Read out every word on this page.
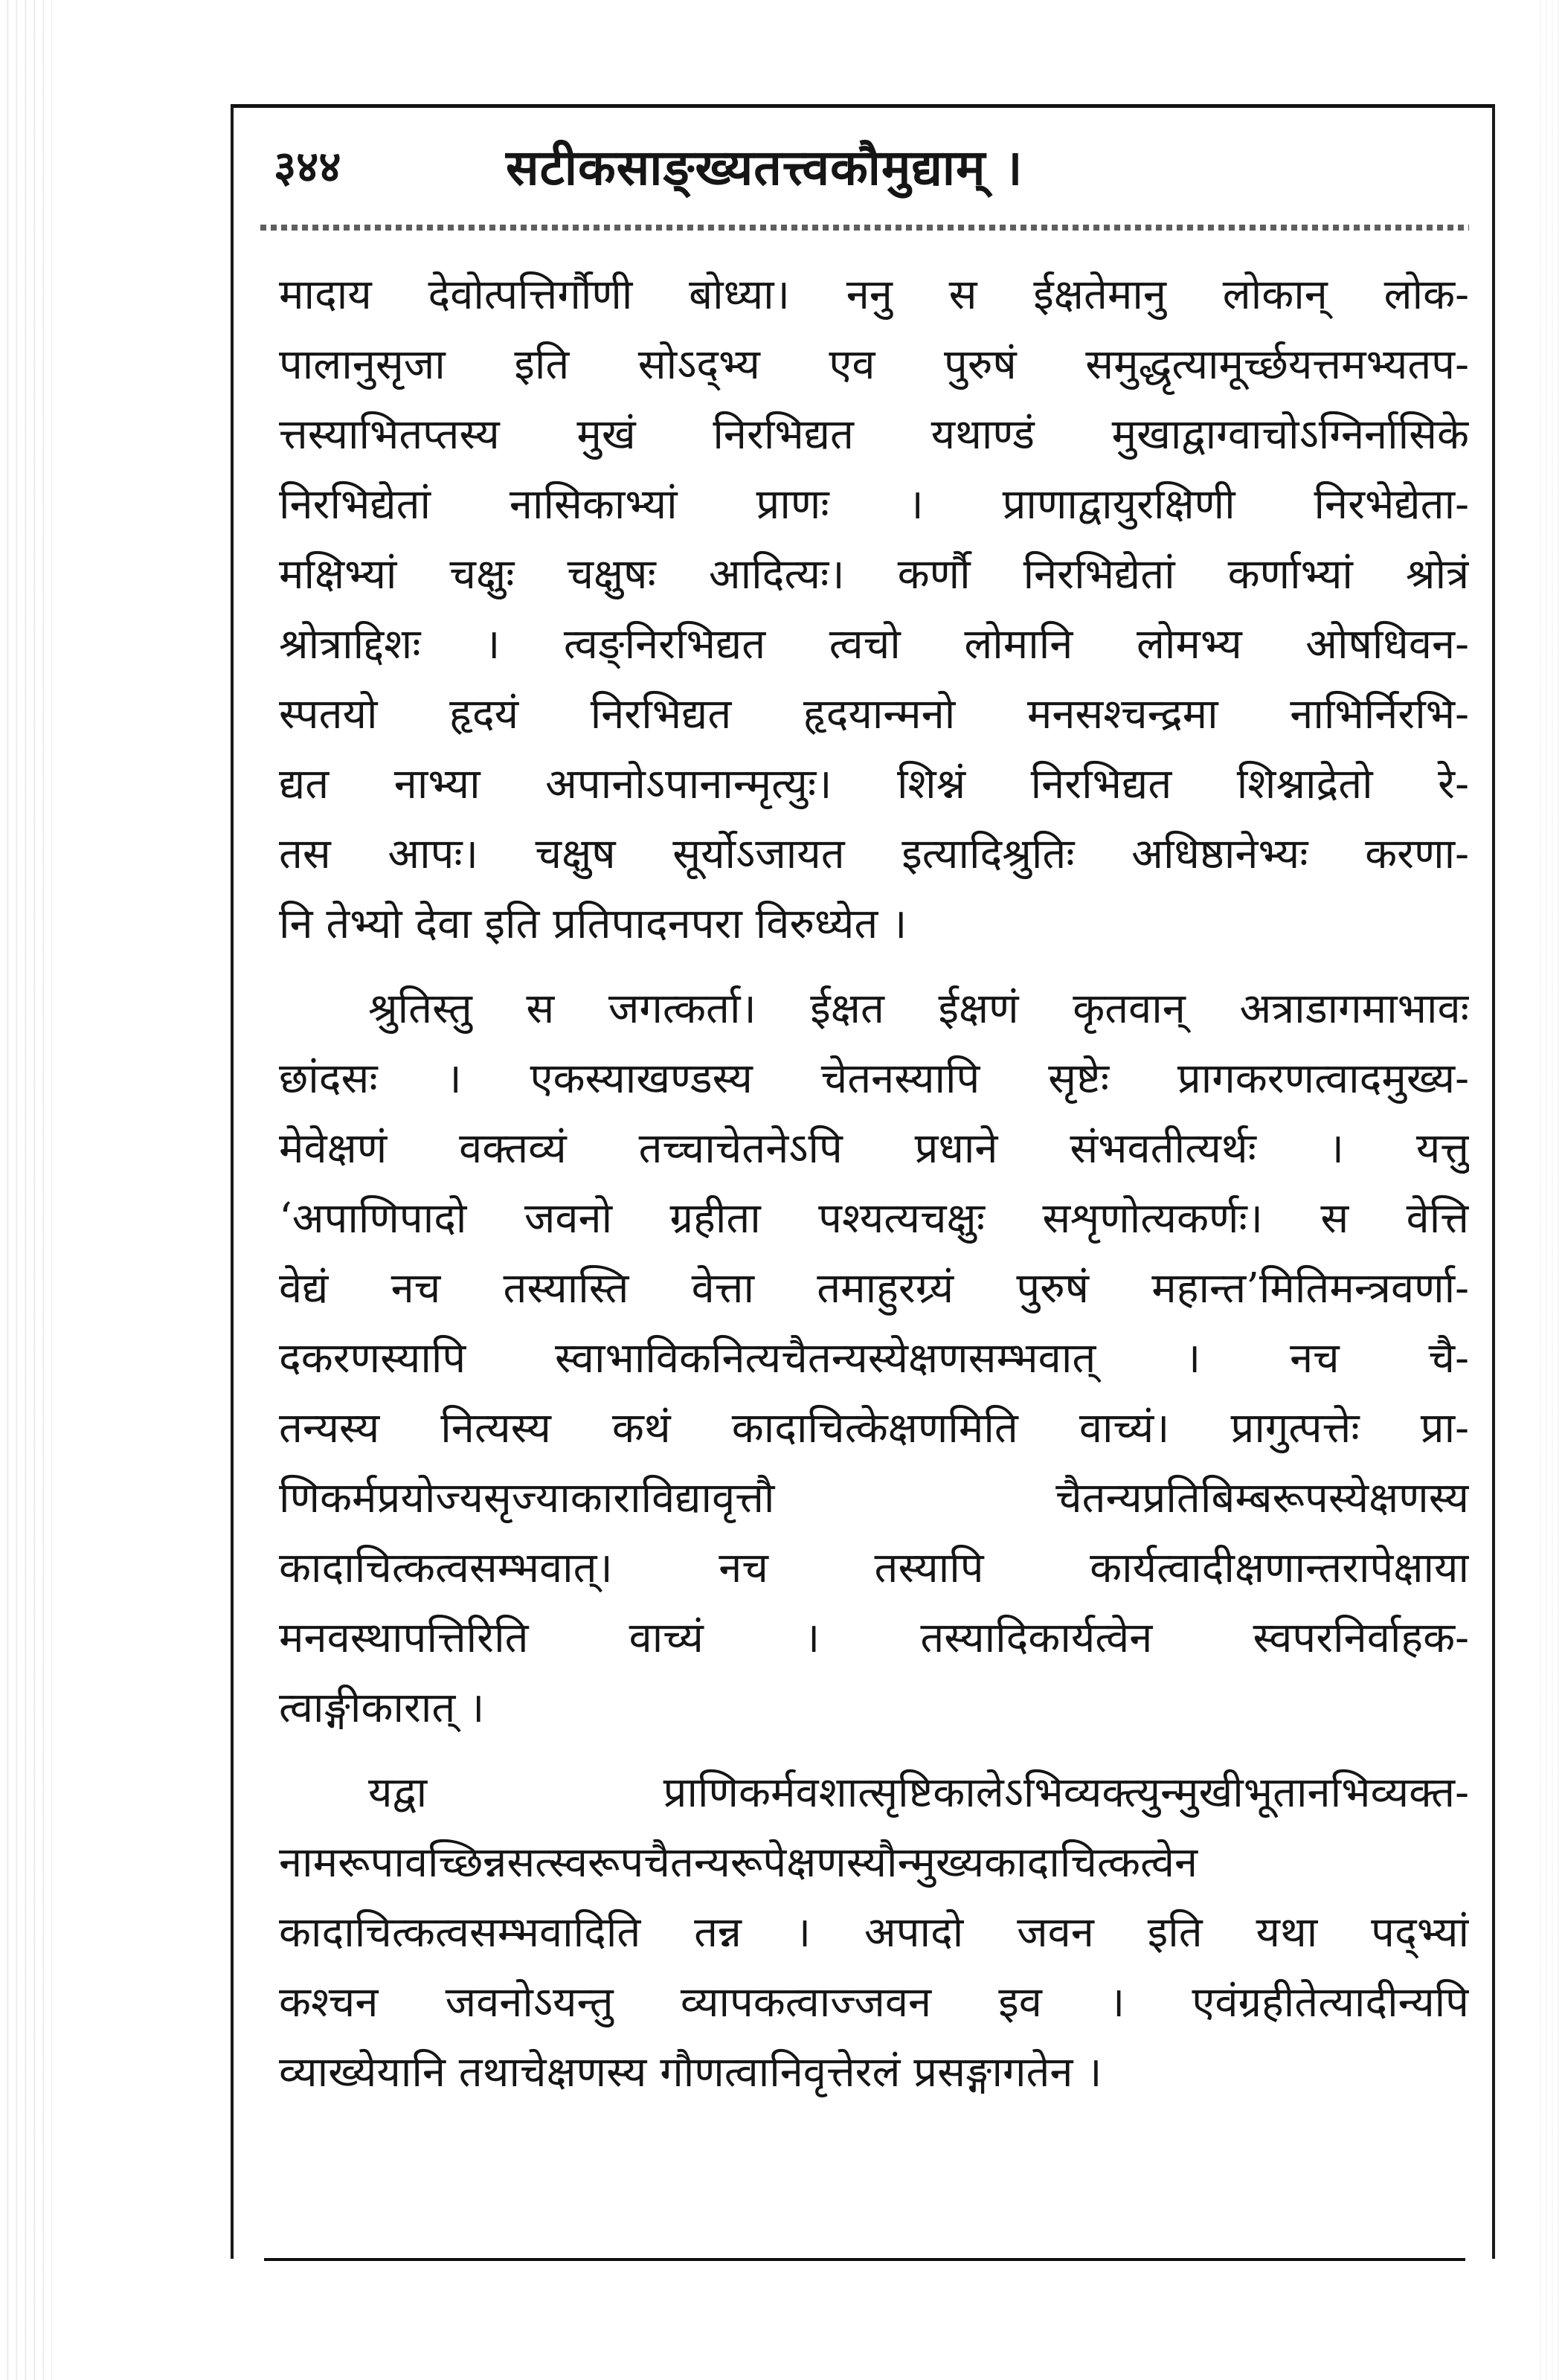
३४४	सटीकसाङ्ख्यतत्त्वकौमुद्याम् ।
मादाय देवोत्पत्तिर्गौणी बोध्या। ननु स ईक्षतेमानु लोकान् लोक-
पालानुसृजा इति सोऽद्भ्य एव पुरुषं समुद्धृत्यामूर्च्छयत्तमभ्यतप-
त्तस्याभितप्तस्य मुखं निरभिद्यत यथाण्डं मुखाद्वाग्वाचोऽग्निर्नासिके
निरभिद्येतां नासिकाभ्यां प्राणः । प्राणाद्वायुरक्षिणी निरभेद्येता-
मक्षिभ्यां चक्षुः चक्षुषः आदित्यः। कर्णौ निरभिद्येतां कर्णाभ्यां श्रोत्रं
श्रोत्राद्दिशः । त्वङ्निरभिद्यत त्वचो लोमानि लोमभ्य ओषधिवन-
स्पतयो हृदयं निरभिद्यत हृदयान्मनो मनसश्चन्द्रमा नाभिर्निरभि-
द्यत नाभ्या अपानोऽपानान्मृत्युः। शिश्नं निरभिद्यत शिश्नाद्रेतो रे-
तस आपः। चक्षुष सूर्योऽजायत इत्यादिश्रुतिः अधिष्ठानेभ्यः करणा-
नि तेभ्यो देवा इति प्रतिपादनपरा विरुध्येत ।
श्रुतिस्तु स जगत्कर्ता। ईक्षत ईक्षणं कृतवान् अत्राडागमाभावः
छांदसः । एकस्याखण्डस्य चेतनस्यापि सृष्टेः प्रागकरणत्वादमुख्य-
मेवेक्षणं वक्तव्यं तच्चाचेतनेऽपि प्रधाने संभवतीत्यर्थः । यत्तु
‘अपाणिपादो जवनो ग्रहीता पश्यत्यचक्षुः सशृणोत्यकर्णः। स वेत्ति
वेद्यं नच तस्यास्ति वेत्ता तमाहुरग्र्यं पुरुषं महान्त’मितिमन्त्रवर्णा-
दकरणस्यापि स्वाभाविकनित्यचैतन्यस्येक्षणसम्भवात् । नच चै-
तन्यस्य नित्यस्य कथं कादाचित्केक्षणमिति वाच्यं। प्रागुत्पत्तेः प्रा-
णिकर्मप्रयोज्यसृज्याकाराविद्यावृत्तौ चैतन्यप्रतिबिम्बरूपस्येक्षणस्य
कादाचित्कत्वसम्भवात्। नच तस्यापि कार्यत्वादीक्षणान्तरापेक्षाया
मनवस्थापत्तिरिति वाच्यं । तस्यादिकार्यत्वेन स्वपरनिर्वाहक-
त्वाङ्गीकारात् ।
यद्वा प्राणिकर्मवशात्सृष्टिकालेऽभिव्यक्त्युन्मुखीभूतानभिव्यक्त-
नामरूपावच्छिन्नसत्स्वरूपचैतन्यरूपेक्षणस्यौन्मुख्यकादाचित्कत्वेन
कादाचित्कत्वसम्भवादिति तन्न । अपादो जवन इति यथा पद्भ्यां
कश्चन जवनोऽयन्तु व्यापकत्वाज्जवन इव । एवंग्रहीतेत्यादीन्यपि
व्याख्येयानि तथाचेक्षणस्य गौणत्वानिवृत्तेरलं प्रसङ्गागतेन ।
